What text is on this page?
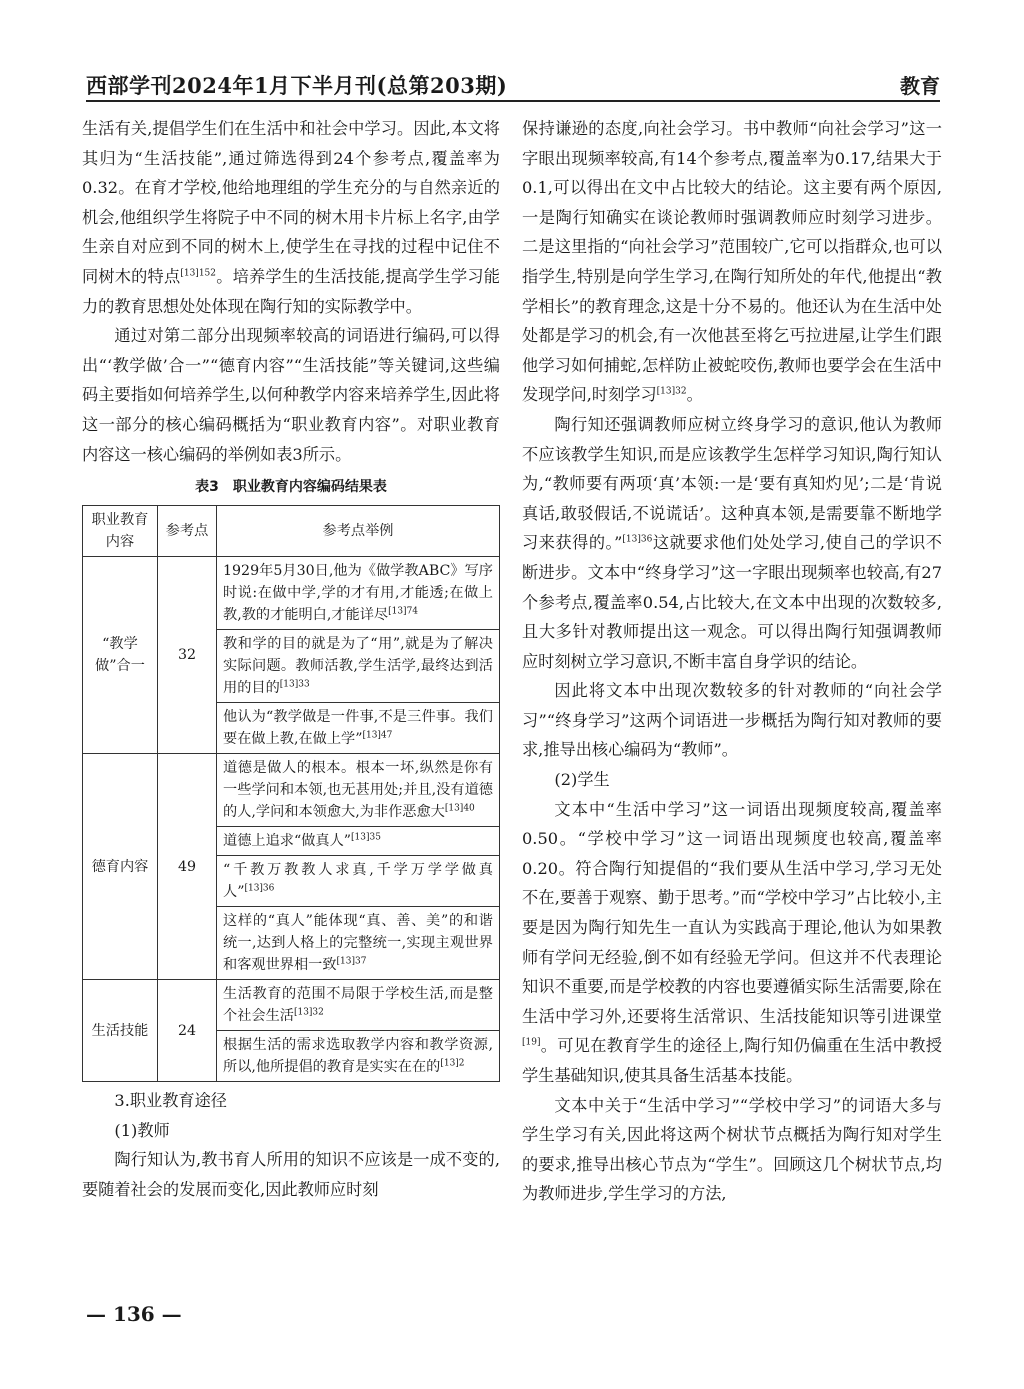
西部学刊2024年1月下半月刊(总第203期)	教育

生活有关,提倡学生们在生活中和社会中学习。因此,本文将其归为“生活技能”,通过筛选得到24个参考点,覆盖率为0.32。在育才学校,他给地理组的学生充分的与自然亲近的机会,他组织学生将院子中不同的树木用卡片标上名字,由学生亲自对应到不同的树木上,使学生在寻找的过程中记住不同树木的特点$^{[13]152}$。培养学生的生活技能,提高学生学习能力的教育思想处处体现在陶行知的实际教学中。

通过对第二部分出现频率较高的词语进行编码,可以得出“‘教学做’合一”“德育内容”“生活技能”等关键词,这些编码主要指如何培养学生,以何种教学内容来培养学生,因此将这一部分的核心编码概括为“职业教育内容”。对职业教育内容这一核心编码的举例如表3所示。

表3　职业教育内容编码结果表
职业教育内容	参考点	参考点举例
“教学做”合一	32	1929年5月30日,他为《做学教ABC》写序时说:在做中学,学的才有用,才能透;在做上教,教的才能明白,才能详尽$^{[13]74}$
		教和学的目的就是为了“用”,就是为了解决实际问题。教师活教,学生活学,最终达到活用的目的$^{[13]33}$
		他认为“教学做是一件事,不是三件事。我们要在做上教,在做上学”$^{[13]47}$
德育内容	49	道德是做人的根本。根本一坏,纵然是你有一些学问和本领,也无甚用处;并且,没有道德的人,学问和本领愈大,为非作恶愈大$^{[13]40}$
		道德上追求“做真人”$^{[13]35}$
		“千教万教教人求真,千学万学学做真人”$^{[13]36}$
		这样的“真人”能体现“真、善、美”的和谐统一,达到人格上的完整统一,实现主观世界和客观世界相一致$^{[13]37}$
生活技能	24	生活教育的范围不局限于学校生活,而是整个社会生活$^{[13]32}$
		根据生活的需求选取教学内容和教学资源,所以,他所提倡的教育是实实在在的$^{[13]2}$

3.职业教育途径

(1)教师

陶行知认为,教书育人所用的知识不应该是一成不变的,要随着社会的发展而变化,因此教师应时刻

保持谦逊的态度,向社会学习。书中教师“向社会学习”这一字眼出现频率较高,有14个参考点,覆盖率为0.17,结果大于0.1,可以得出在文中占比较大的结论。这主要有两个原因,一是陶行知确实在谈论教师时强调教师应时刻学习进步。二是这里指的“向社会学习”范围较广,它可以指群众,也可以指学生,特别是向学生学习,在陶行知所处的年代,他提出“教学相长”的教育理念,这是十分不易的。他还认为在生活中处处都是学习的机会,有一次他甚至将乞丐拉进屋,让学生们跟他学习如何捕蛇,怎样防止被蛇咬伤,教师也要学会在生活中发现学问,时刻学习$^{[13]32}$。

陶行知还强调教师应树立终身学习的意识,他认为教师不应该教学生知识,而是应该教学生怎样学习知识,陶行知认为,“教师要有两项‘真’本领:一是‘要有真知灼见’;二是‘肯说真话,敢驳假话,不说谎话’。这种真本领,是需要靠不断地学习来获得的。”$^{[13]36}$这就要求他们处处学习,使自己的学识不断进步。文本中“终身学习”这一字眼出现频率也较高,有27个参考点,覆盖率0.54,占比较大,在文本中出现的次数较多,且大多针对教师提出这一观念。可以得出陶行知强调教师应时刻树立学习意识,不断丰富自身学识的结论。

因此将文本中出现次数较多的针对教师的“向社会学习”“终身学习”这两个词语进一步概括为陶行知对教师的要求,推导出核心编码为“教师”。

(2)学生

文本中“生活中学习”这一词语出现频度较高,覆盖率0.50。“学校中学习”这一词语出现频度也较高,覆盖率0.20。符合陶行知提倡的“我们要从生活中学习,学习无处不在,要善于观察、勤于思考。”而“学校中学习”占比较小,主要是因为陶行知先生一直认为实践高于理论,他认为如果教师有学问无经验,倒不如有经验无学问。但这并不代表理论知识不重要,而是学校教的内容也要遵循实际生活需要,除在生活中学习外,还要将生活常识、生活技能知识等引进课堂[19]。可见在教育学生的途径上,陶行知仍偏重在生活中教授学生基础知识,使其具备生活基本技能。

文本中关于“生活中学习”“学校中学习”的词语大多与学生学习有关,因此将这两个树状节点概括为陶行知对学生的要求,推导出核心节点为“学生”。回顾这几个树状节点,均为教师进步,学生学习的方法,

— 136 —
